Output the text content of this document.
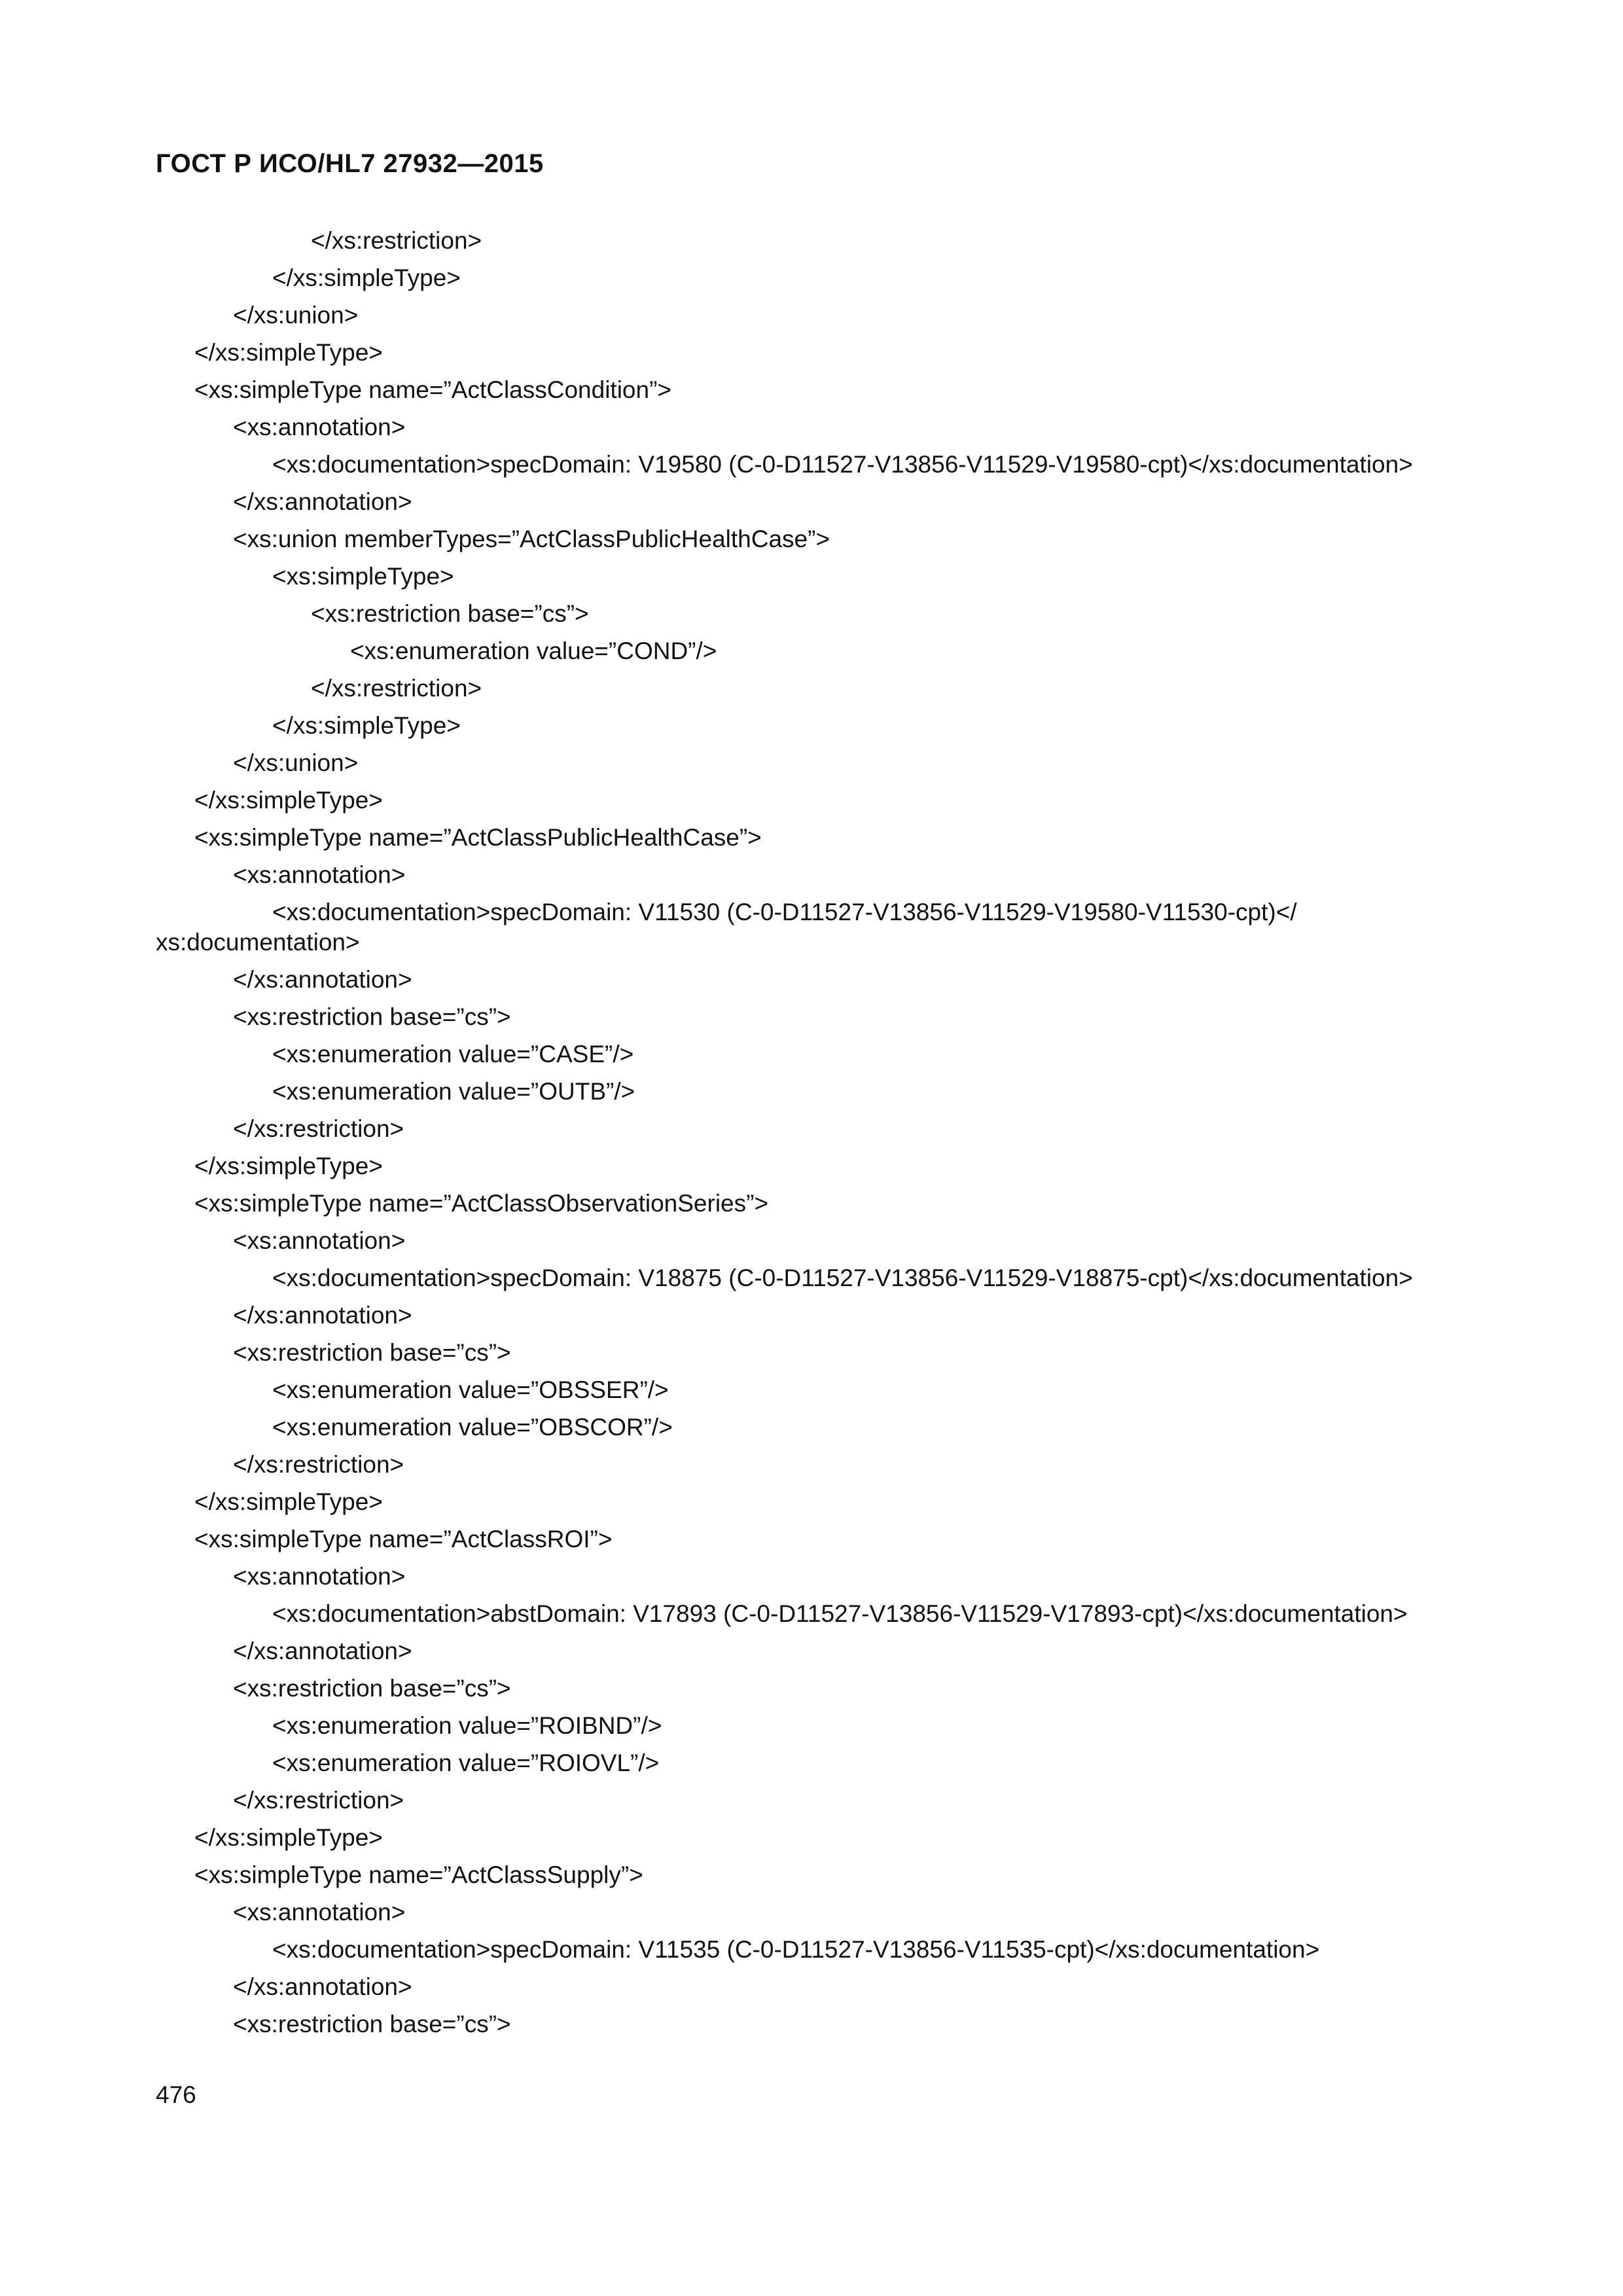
ГОСТ Р ИСО/HL7 27932—2015
</xs:restriction>
</xs:simpleType>
</xs:union>
</xs:simpleType>
<xs:simpleType name=”ActClassCondition”>
<xs:annotation>
<xs:documentation>specDomain: V19580 (C-0-D11527-V13856-V11529-V19580-cpt)</xs:documentation>
</xs:annotation>
<xs:union memberTypes=”ActClassPublicHealthCase”>
<xs:simpleType>
<xs:restriction base=”cs”>
<xs:enumeration value=”COND”/>
</xs:restriction>
</xs:simpleType>
</xs:union>
</xs:simpleType>
<xs:simpleType name=”ActClassPublicHealthCase”>
<xs:annotation>
<xs:documentation>specDomain: V11530 (C-0-D11527-V13856-V11529-V19580-V11530-cpt)</
xs:documentation>
</xs:annotation>
<xs:restriction base=”cs”>
<xs:enumeration value=”CASE”/>
<xs:enumeration value=”OUTB”/>
</xs:restriction>
</xs:simpleType>
<xs:simpleType name=”ActClassObservationSeries”>
<xs:annotation>
<xs:documentation>specDomain: V18875 (C-0-D11527-V13856-V11529-V18875-cpt)</xs:documentation>
</xs:annotation>
<xs:restriction base=”cs”>
<xs:enumeration value=”OBSSER”/>
<xs:enumeration value=”OBSCOR”/>
</xs:restriction>
</xs:simpleType>
<xs:simpleType name=”ActClassROI”>
<xs:annotation>
<xs:documentation>abstDomain: V17893 (C-0-D11527-V13856-V11529-V17893-cpt)</xs:documentation>
</xs:annotation>
<xs:restriction base=”cs”>
<xs:enumeration value=”ROIBND”/>
<xs:enumeration value=”ROIOVL”/>
</xs:restriction>
</xs:simpleType>
<xs:simpleType name=”ActClassSupply”>
<xs:annotation>
<xs:documentation>specDomain: V11535 (C-0-D11527-V13856-V11535-cpt)</xs:documentation>
</xs:annotation>
<xs:restriction base=”cs”>
476
